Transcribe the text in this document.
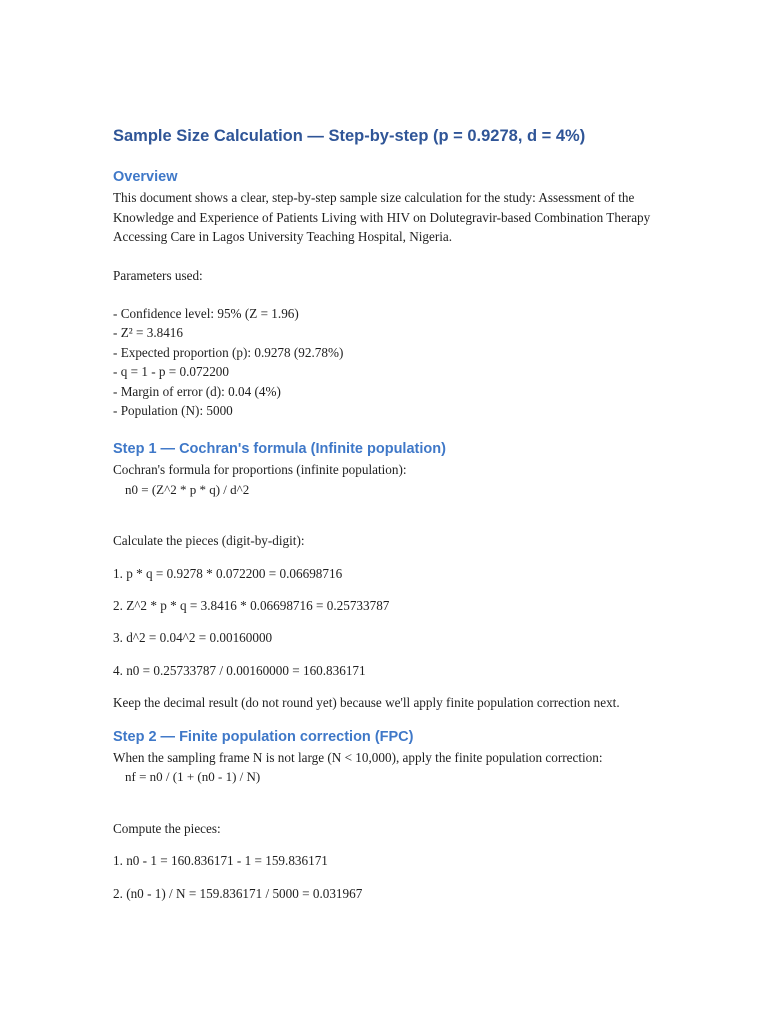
Sample Size Calculation — Step-by-step (p = 0.9278, d = 4%)
Overview

This document shows a clear, step-by-step sample size calculation for the study: Assessment of the Knowledge and Experience of Patients Living with HIV on Dolutegravir-based Combination Therapy Accessing Care in Lagos University Teaching Hospital, Nigeria.

Parameters used:

- Confidence level: 95% (Z = 1.96)

- Z² = 3.8416

- Expected proportion (p): 0.9278 (92.78%)

- q = 1 - p = 0.072200

- Margin of error (d): 0.04 (4%)

- Population (N): 5000

Step 1 — Cochran's formula (Infinite population)

Cochran's formula for proportions (infinite population):

n0 = (Z^2 * p * q) / d^2

Calculate the pieces (digit-by-digit):

1. p * q = 0.9278 * 0.072200 = 0.06698716

2. Z^2 * p * q = 3.8416 * 0.06698716 = 0.25733787

3. d^2 = 0.04^2 = 0.00160000

4. n0 = 0.25733787 / 0.00160000 = 160.836171

Keep the decimal result (do not round yet) because we'll apply finite population correction next.

Step 2 — Finite population correction (FPC)

When the sampling frame N is not large (N < 10,000), apply the finite population correction:

nf = n0 / (1 + (n0 - 1) / N)

Compute the pieces:

1. n0 - 1 = 160.836171 - 1 = 159.836171

2. (n0 - 1) / N = 159.836171 / 5000 = 0.031967
